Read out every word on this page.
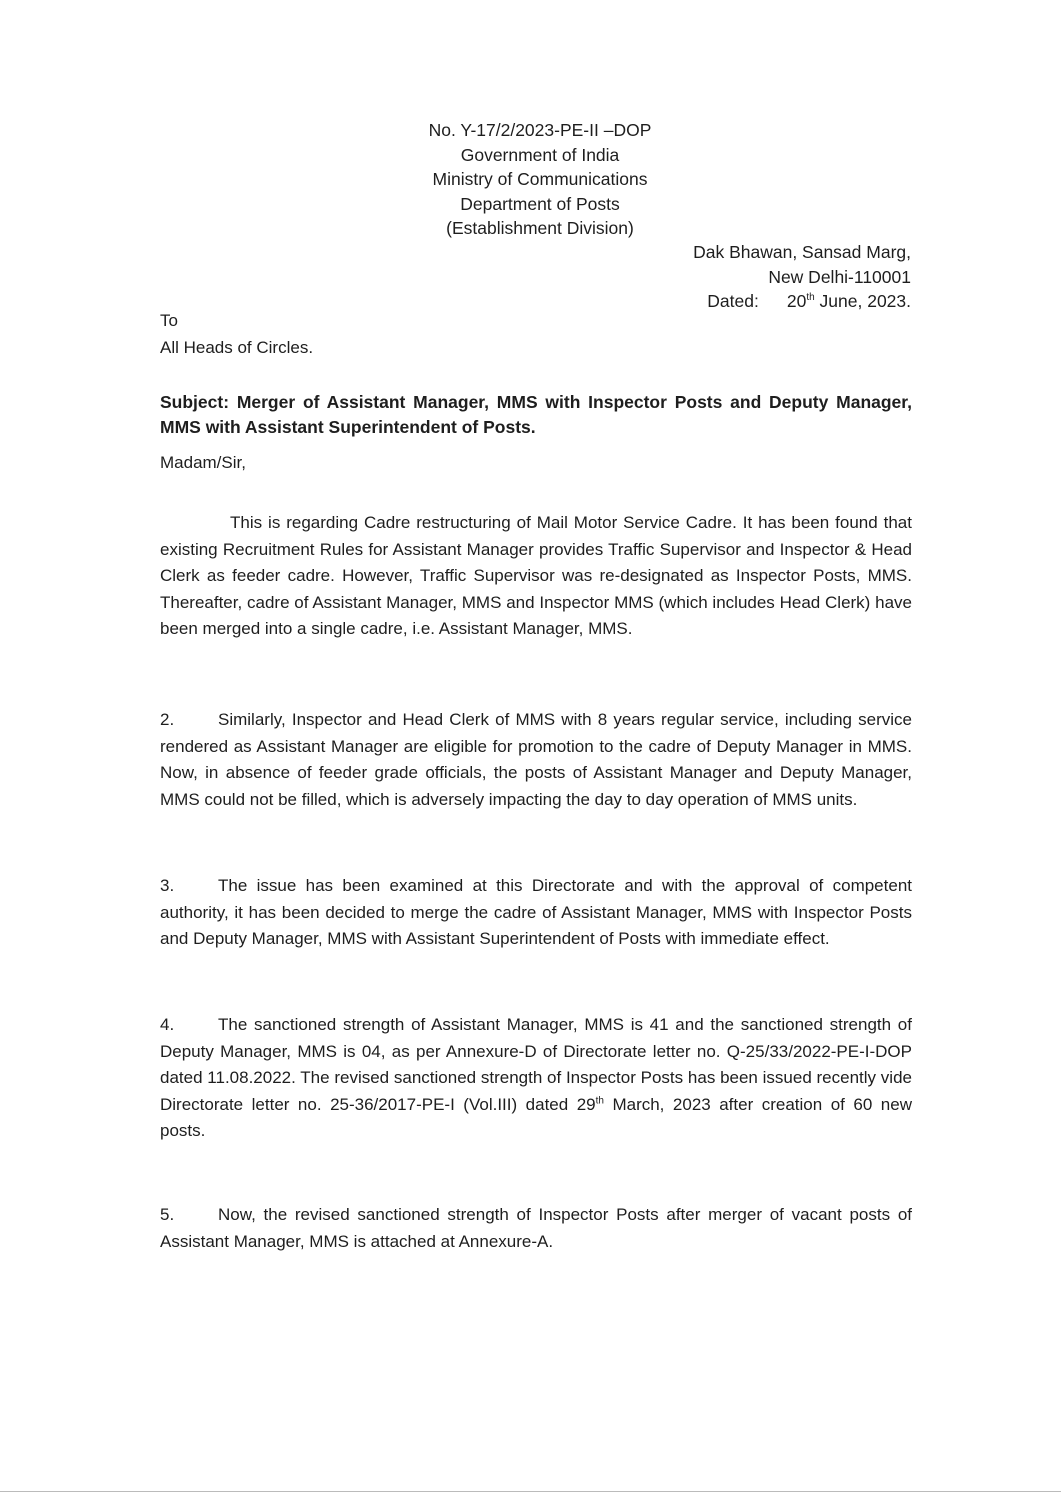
No. Y-17/2/2023-PE-II –DOP
Government of India
Ministry of Communications
Department of Posts
(Establishment Division)
Dak Bhawan, Sansad Marg,
New Delhi-110001
Dated: 20th June, 2023.
To
All Heads of Circles.
Subject: Merger of Assistant Manager, MMS with Inspector Posts and Deputy Manager, MMS with Assistant Superintendent of Posts.
Madam/Sir,
This is regarding Cadre restructuring of Mail Motor Service Cadre. It has been found that existing Recruitment Rules for Assistant Manager provides Traffic Supervisor and Inspector & Head Clerk as feeder cadre. However, Traffic Supervisor was re-designated as Inspector Posts, MMS. Thereafter, cadre of Assistant Manager, MMS and Inspector MMS (which includes Head Clerk) have been merged into a single cadre, i.e. Assistant Manager, MMS.
2.	Similarly, Inspector and Head Clerk of MMS with 8 years regular service, including service rendered as Assistant Manager are eligible for promotion to the cadre of Deputy Manager in MMS. Now, in absence of feeder grade officials, the posts of Assistant Manager and Deputy Manager, MMS could not be filled, which is adversely impacting the day to day operation of MMS units.
3.	The issue has been examined at this Directorate and with the approval of competent authority, it has been decided to merge the cadre of Assistant Manager, MMS with Inspector Posts and Deputy Manager, MMS with Assistant Superintendent of Posts with immediate effect.
4.	The sanctioned strength of Assistant Manager, MMS is 41 and the sanctioned strength of Deputy Manager, MMS is 04, as per Annexure-D of Directorate letter no. Q-25/33/2022-PE-I-DOP dated 11.08.2022. The revised sanctioned strength of Inspector Posts has been issued recently vide Directorate letter no. 25-36/2017-PE-I (Vol.III) dated 29th March, 2023 after creation of 60 new posts.
5.	Now, the revised sanctioned strength of Inspector Posts after merger of vacant posts of Assistant Manager, MMS is attached at Annexure-A.
